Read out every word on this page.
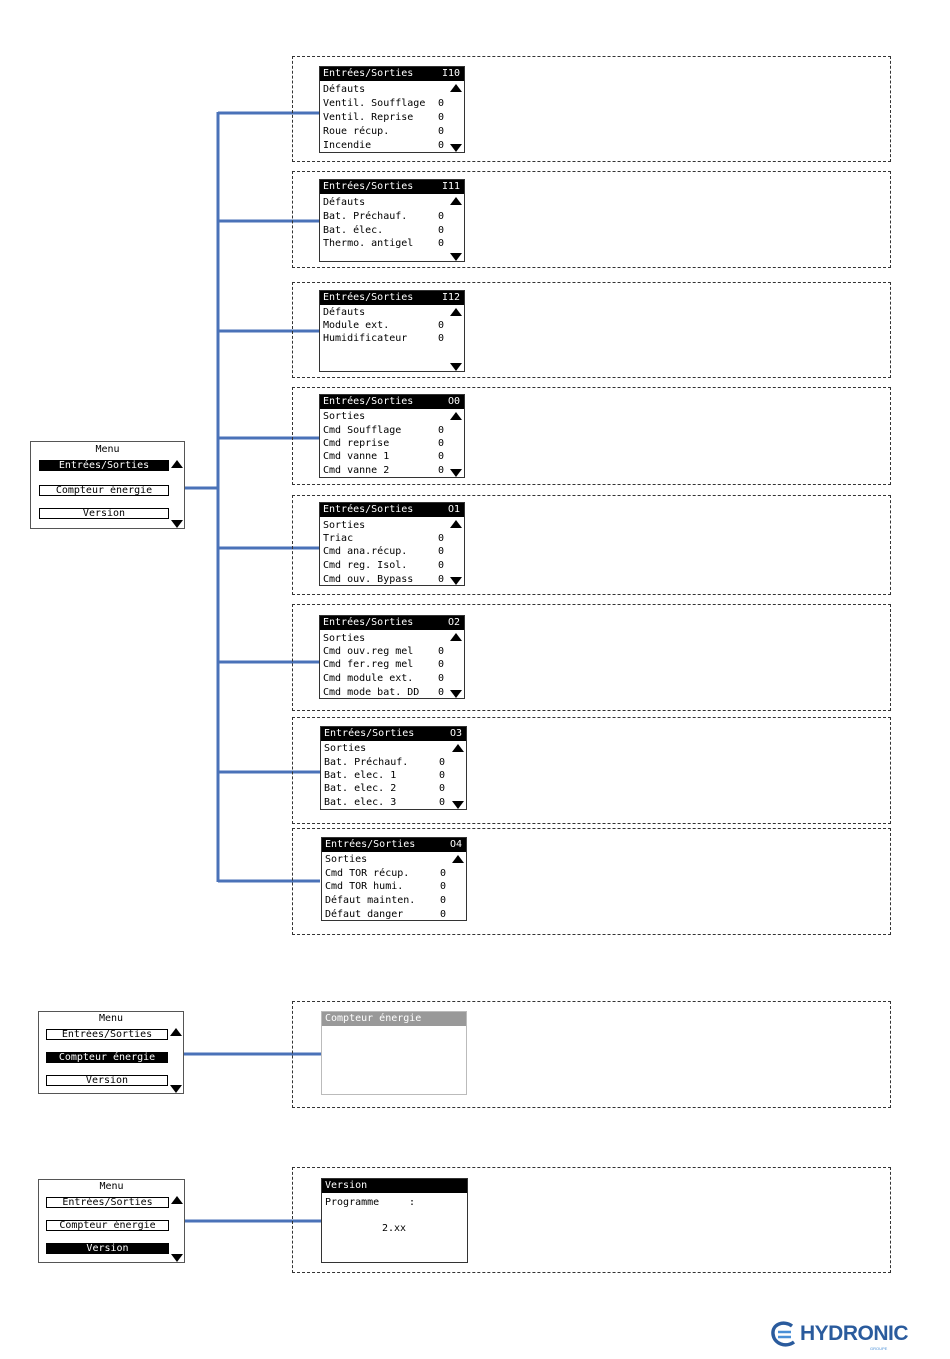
Menu
Entrées/Sorties
Compteur énergie
Version
Menu
Entrées/Sorties
Compteur énergie
Version
Menu
Entrées/Sorties
Compteur énergie
Version
Entrées/Sorties	I10
Défauts
Ventil. Soufflage 0
Ventil. Reprise 0
Roue récup.	0
Incendie	0
Entrées/Sorties	I11
Défauts
Bat. Préchauf.	0
Bat. élec.	0
Thermo. antigel 0
Entrées/Sorties	I12
Défauts
Module ext.	0
Humidificateur	0
Entrées/Sorties	O0
Sorties
Cmd Soufflage	0
Cmd reprise	0
Cmd vanne 1	0
Cmd vanne 2	0
Entrées/Sorties	O1
Sorties
Triac	0
Cmd ana.récup.	0
Cmd reg. Isol.	0
Cmd ouv. Bypass 0
Entrées/Sorties	O2
Sorties
Cmd ouv.reg mel 0
Cmd fer.reg mel 0
Cmd module ext. 0
Cmd mode bat. DD 0
Entrées/Sorties	O3
Sorties
Bat. Préchauf.	0
Bat. elec. 1	0
Bat. elec. 2	0
Bat. elec. 3	0
Entrées/Sorties	O4
Sorties
Cmd TOR récup.	0
Cmd TOR humi.	0
Défaut mainten. 0
Défaut danger	0
Compteur énergie
Version
Programme	:
2.xx
HYDRONIC
GROUPE
